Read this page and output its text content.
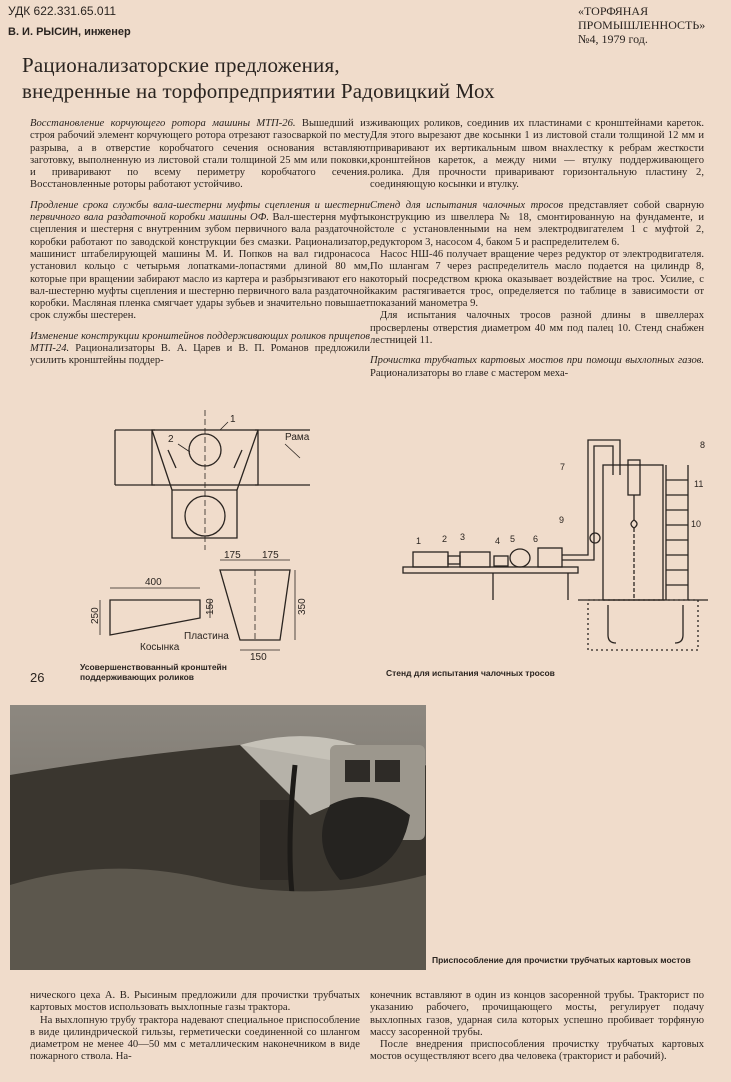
УДК 622.331.65.011	«ТОРФЯНАЯ
ПРОМЫШЛЕННОСТЬ»
№4, 1979 год.
В. И. РЫСИН, инженер
Рационализаторские предложения,
внедренные на торфопредприятии Радовицкий Мох

Восстановление корчующего ротора машины МТП-26. Вышедший из строя рабочий элемент корчующего ротора отрезают газосваркой по месту разрыва, а в отверстие коробчатого сечения основания вставляют заготовку, выполненную из листовой стали толщиной 25 мм или поковки, и приваривают по всему периметру коробчатого сечения. Восстановленные роторы работают устойчиво.

Продление срока службы вала-шестерни муфты сцепления и шестерни первичного вала раздаточной коробки машины ОФ. Вал-шестерня муфты сцепления и шестерня с внутренним зубом первичного вала раздаточной коробки работают по заводской конструкции без смазки. Рационализатор, машинист штабелирующей машины М. И. Попков на вал гидронасоса установил кольцо с четырьмя лопатками-лопастями длиной 80 мм, которые при вращении забирают масло из картера и разбрызгивают его на вал-шестерню муфты сцепления и шестерню первичного вала раздаточной коробки. Масляная пленка смягчает удары зубьев и значительно повышает срок службы шестерен.

Изменение конструкции кронштейнов поддерживающих роликов прицепов МТП-24. Рационализаторы В. А. Царев и В. П. Романов предложили усилить кронштейны поддер-

живающих роликов, соединив их пластинами с кронштейнами кареток. Для этого вырезают две косынки 1 из листовой стали толщиной 12 мм и приваривают их вертикальным швом внахлестку к ребрам жесткости кронштейнов кареток, а между ними — втулку поддерживающего ролика. Для прочности приваривают горизонтальную пластину 2, соединяющую косынки и втулку.

Стенд для испытания чалочных тросов представляет собой сварную конструкцию из швеллера № 18, смонтированную на фундаменте, и столе с установленными на нем электродвигателем 1 с муфтой 2, редуктором 3, насосом 4, баком 5 и распределителем 6.

Насос НШ-46 получает вращение через редуктор от электродвигателя. По шлангам 7 через распределитель масло подается на цилиндр 8, который посредством крюка оказывает воздействие на трос. Усилие, с каким растягивается трос, определяется по таблице в зависимости от показаний манометра 9.

Для испытания чалочных тросов разной длины в швеллерах просверлены отверстия диаметром 40 мм под палец 10. Стенд снабжен лестницей 11.

Прочистка трубчатых картовых мостов при помощи выхлопных газов. Рационализаторы во главе с мастером меха-

2
1
Рама
175 175
400
250
150	350
150
Косынка
Пластина
Усовершенствованный кронштейн поддерживающих роликов
1 2 3	4 5 6
7
8
9	10
11
Стенд для испытания чалочных тросов
26
Приспособление для прочистки трубчатых картовых мостов

нического цеха А. В. Рысиным предложили для прочистки трубчатых картовых мостов использовать выхлопные газы трактора.

На выхлопную трубу трактора надевают специальное приспособление в виде цилиндрической гильзы, герметически соединенной со шлангом диаметром не менее 40—50 мм с металлическим наконечником в виде пожарного ствола. На-

конечник вставляют в один из концов засоренной трубы. Тракторист по указанию рабочего, прочищающего мосты, регулирует подачу выхлопных газов, ударная сила которых успешно пробивает торфяную массу засоренной трубы.

После внедрения приспособления прочистку трубчатых картовых мостов осуществляют всего два человека (тракторист и рабочий).
